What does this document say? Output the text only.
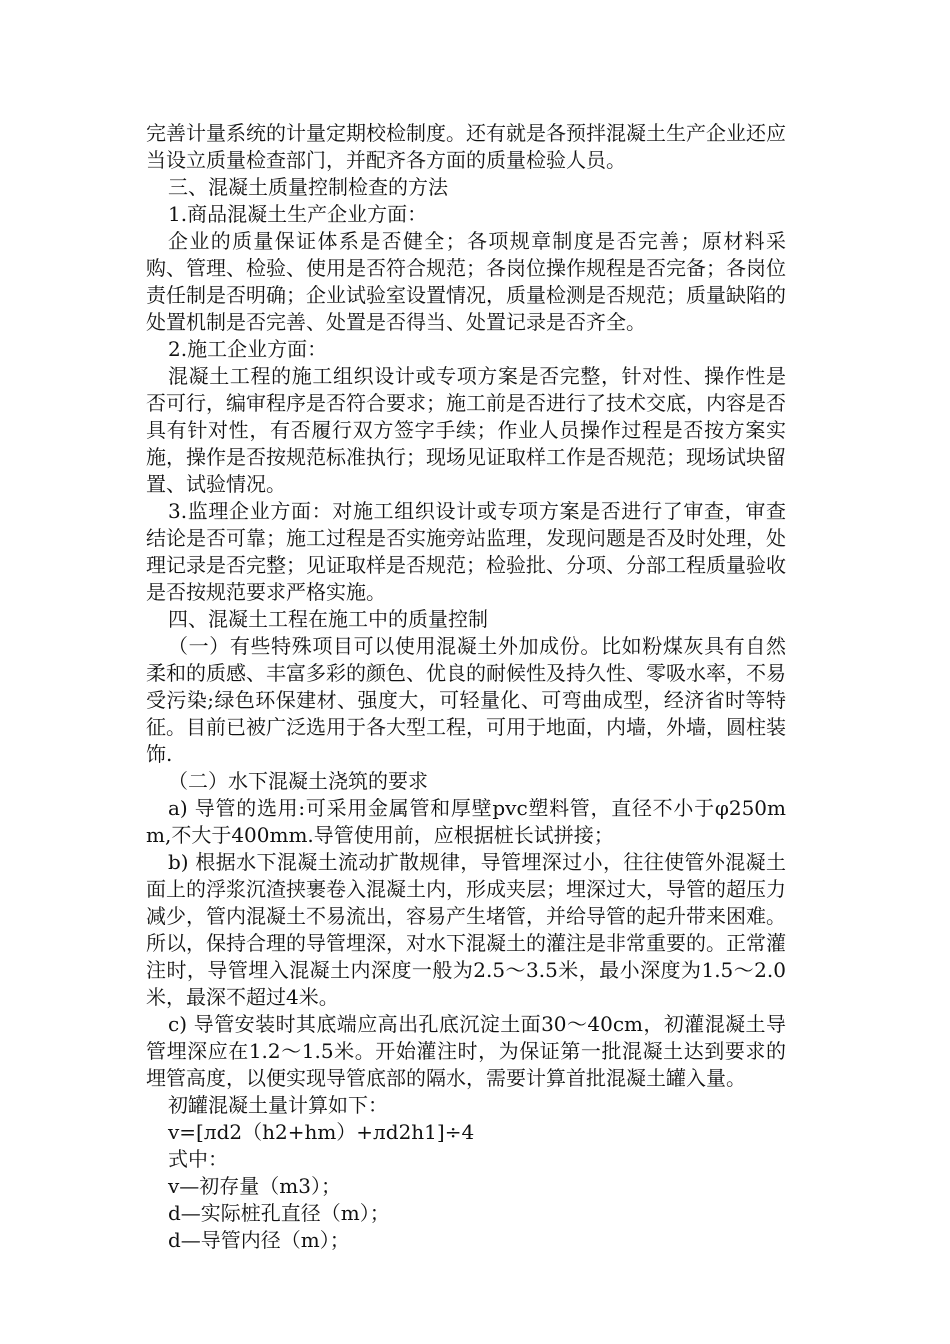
完善计量系统的计量定期校检制度。还有就是各预拌混凝土生产企业还应当设立质量检查部门，并配齐各方面的质量检验人员。

三、混凝土质量控制检查的方法

1.商品混凝土生产企业方面：

企业的质量保证体系是否健全；各项规章制度是否完善；原材料采购、管理、检验、使用是否符合规范；各岗位操作规程是否完备；各岗位责任制是否明确；企业试验室设置情况，质量检测是否规范；质量缺陷的处置机制是否完善、处置是否得当、处置记录是否齐全。

2.施工企业方面：

混凝土工程的施工组织设计或专项方案是否完整，针对性、操作性是否可行，编审程序是否符合要求；施工前是否进行了技术交底，内容是否具有针对性，有否履行双方签字手续；作业人员操作过程是否按方案实施，操作是否按规范标准执行；现场见证取样工作是否规范；现场试块留置、试验情况。

3.监理企业方面：对施工组织设计或专项方案是否进行了审查，审查结论是否可靠；施工过程是否实施旁站监理，发现问题是否及时处理，处理记录是否完整；见证取样是否规范；检验批、分项、分部工程质量验收是否按规范要求严格实施。

四、混凝土工程在施工中的质量控制

（一）有些特殊项目可以使用混凝土外加成份。比如粉煤灰具有自然柔和的质感、丰富多彩的颜色、优良的耐候性及持久性、零吸水率，不易受污染;绿色环保建材、强度大，可轻量化、可弯曲成型，经济省时等特征。目前已被广泛选用于各大型工程，可用于地面，内墙，外墙，圆柱装饰.

（二）水下混凝土浇筑的要求

a) 导管的选用:可采用金属管和厚壁pvc塑料管，直径不小于φ250mm,不大于400mm.导管使用前，应根据桩长试拼接；

b) 根据水下混凝土流动扩散规律，导管埋深过小，往往使管外混凝土面上的浮浆沉渣挟裹卷入混凝土内，形成夹层；埋深过大，导管的超压力减少，管内混凝土不易流出，容易产生堵管，并给导管的起升带来困难。所以，保持合理的导管埋深，对水下混凝土的灌注是非常重要的。正常灌注时，导管埋入混凝土内深度一般为2.5～3.5米，最小深度为1.5～2.0米，最深不超过4米。

c) 导管安装时其底端应高出孔底沉淀土面30～40cm，初灌混凝土导管埋深应在1.2～1.5米。开始灌注时，为保证第一批混凝土达到要求的埋管高度，以便实现导管底部的隔水，需要计算首批混凝土罐入量。

初罐混凝土量计算如下：

v=[лd2（h2+hm）+лd2h1]÷4

式中：

v—初存量（m3）；

d—实际桩孔直径（m）；

d—导管内径（m）；
